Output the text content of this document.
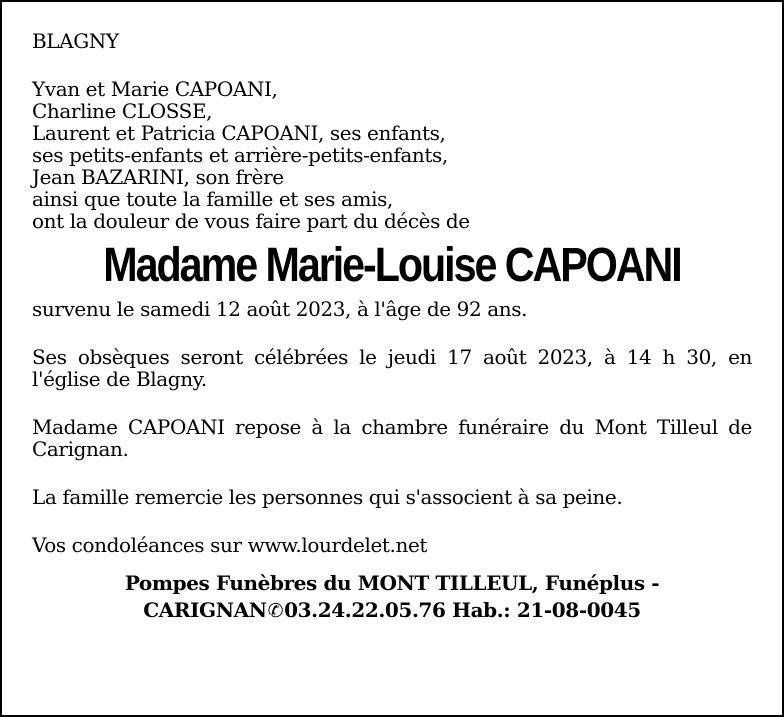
BLAGNY
Yvan et Marie CAPOANI,
Charline CLOSSE,
Laurent et Patricia CAPOANI, ses enfants,
ses petits-enfants et arrière-petits-enfants,
Jean BAZARINI, son frère
ainsi que toute la famille et ses amis,
ont la douleur de vous faire part du décès de
Madame Marie-Louise CAPOANI

survenu le samedi 12 août 2023, à l'âge de 92 ans.

Ses obsèques seront célébrées le jeudi 17 août 2023, à 14 h 30, en l'église de Blagny.

Madame CAPOANI repose à la chambre funéraire du Mont Tilleul de Carignan.

La famille remercie les personnes qui s'associent à sa peine.

Vos condoléances sur www.lourdelet.net

Pompes Funèbres du MONT TILLEUL, Funéplus -
CARIGNAN✆03.24.22.05.76 Hab.: 21-08-0045
